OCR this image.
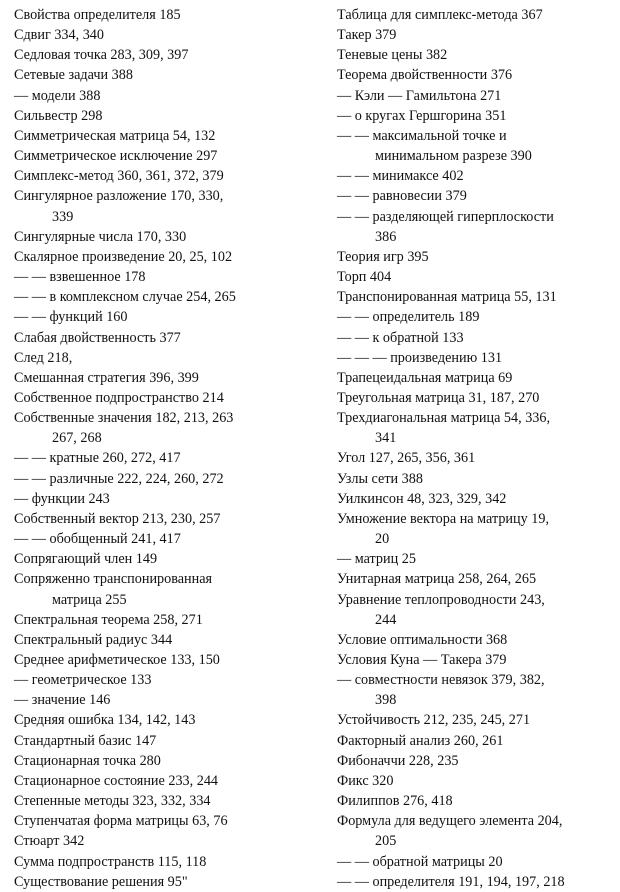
Свойства определителя 185
Сдвиг 334, 340
Седловая точка 283, 309, 397
Сетевые задачи 388
— модели 388
Сильвестр 298
Симметрическая матрица 54, 132
Симметрическое исключение 297
Симплекс-метод 360, 361, 372, 379
Сингулярное разложение 170, 330,
339
Сингулярные числа 170, 330
Скалярное произведение 20, 25, 102
— — взвешенное 178
— — в комплексном случае 254, 265
— — функций 160
Слабая двойственность 377
След 218,
Смешанная стратегия 396, 399
Собственное подпространство 214
Собственные значения 182, 213, 263
267, 268
— — кратные 260, 272, 417
— — различные 222, 224, 260, 272
— функции 243
Собственный вектор 213, 230, 257
— — обобщенный 241, 417
Сопрягающий член 149
Сопряженно транспонированная
матрица 255
Спектральная теорема 258, 271
Спектральный радиус 344
Среднее арифметическое 133, 150
— геометрическое 133
— значение 146
Средняя ошибка 134, 142, 143
Стандартный базис 147
Стационарная точка 280
Стационарное состояние 233, 244
Степенные методы 323, 332, 334
Ступенчатая форма матрицы 63, 76
Стюарт 342
Сумма подпространств 115, 118
Существование решения 95"
Таблица для симплекс-метода 367
Такер 379
Теневые цены 382
Теорема двойственности 376
— Кэли — Гамильтона 271
— о кругах Гершгорина 351
— — максимальной точке и
минимальном разрезе 390
— — минимаксе 402
— — равновесии 379
— — разделяющей гиперплоскости
386
Теория игр 395
Торп 404
Транспонированная матрица 55, 131
— — определитель 189
— — к обратной 133
— — — произведению 131
Трапецеидальная матрица 69
Треугольная матрица 31, 187, 270
Трехдиагональная матрица 54, 336,
341
Угол 127, 265, 356, 361
Узлы сети 388
Уилкинсон 48, 323, 329, 342
Умножение вектора на матрицу 19,
20
— матриц 25
Унитарная матрица 258, 264, 265
Уравнение теплопроводности 243,
244
Условие оптимальности 368
Условия Куна — Такера 379
— совместности невязок 379, 382,
398
Устойчивость 212, 235, 245, 271
Факторный анализ 260, 261
Фибоначчи 228, 235
Фикс 320
Филиппов 276, 418
Формула для ведущего элемента 204,
205
— — обратной матрицы 20
— — определителя 191, 194, 197, 218
